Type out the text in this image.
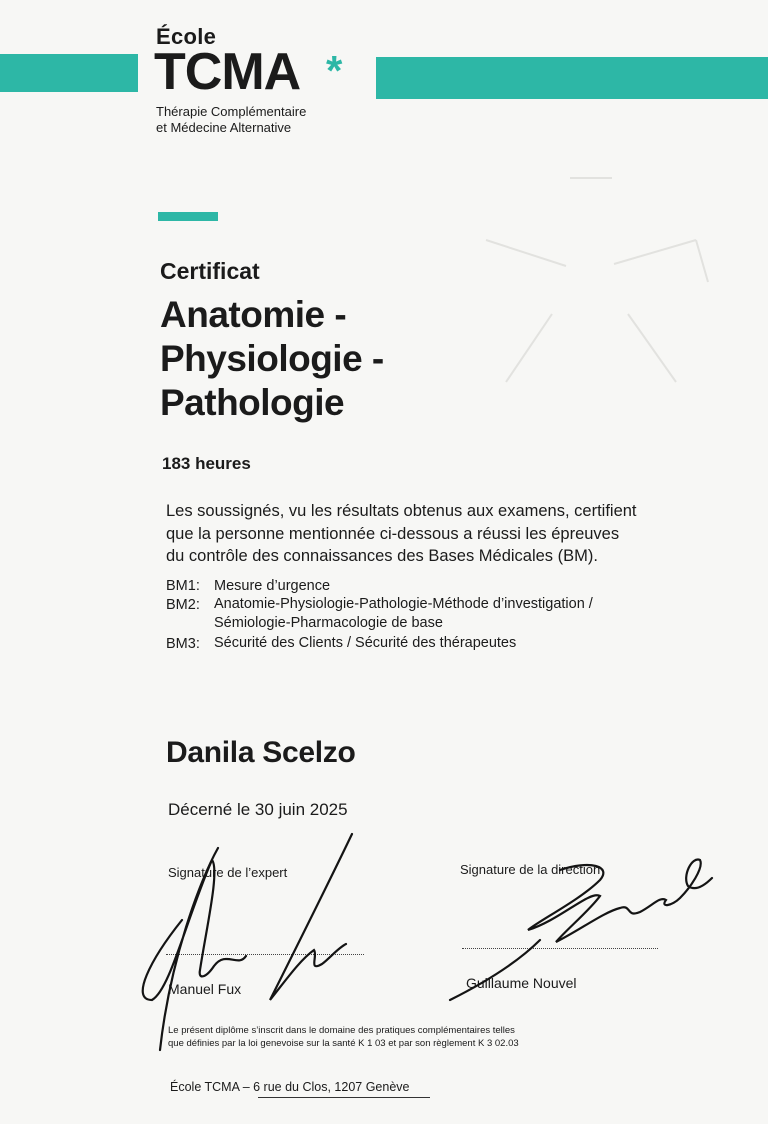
École
TCMA *
Thérapie Complémentaire
et Médecine Alternative
Certificat
Anatomie -
Physiologie -
Pathologie
183 heures
Les soussignés, vu les résultats obtenus aux examens, certifient
que la personne mentionnée ci-dessous a réussi les épreuves
du contrôle des connaissances des Bases Médicales (BM).
BM1: Mesure d’urgence
BM2: Anatomie-Physiologie-Pathologie-Méthode d’investigation /
Sémiologie-Pharmacologie de base
BM3: Sécurité des Clients / Sécurité des thérapeutes
Danila Scelzo
Décerné le 30 juin 2025
Signature de l’expert
Manuel Fux
Signature de la direction
Guillaume Nouvel
Le présent diplôme s’inscrit dans le domaine des pratiques complémentaires telles
que définies par la loi genevoise sur la santé K 1 03 et par son règlement K 3 02.03
École TCMA – 6 rue du Clos, 1207 Genève
